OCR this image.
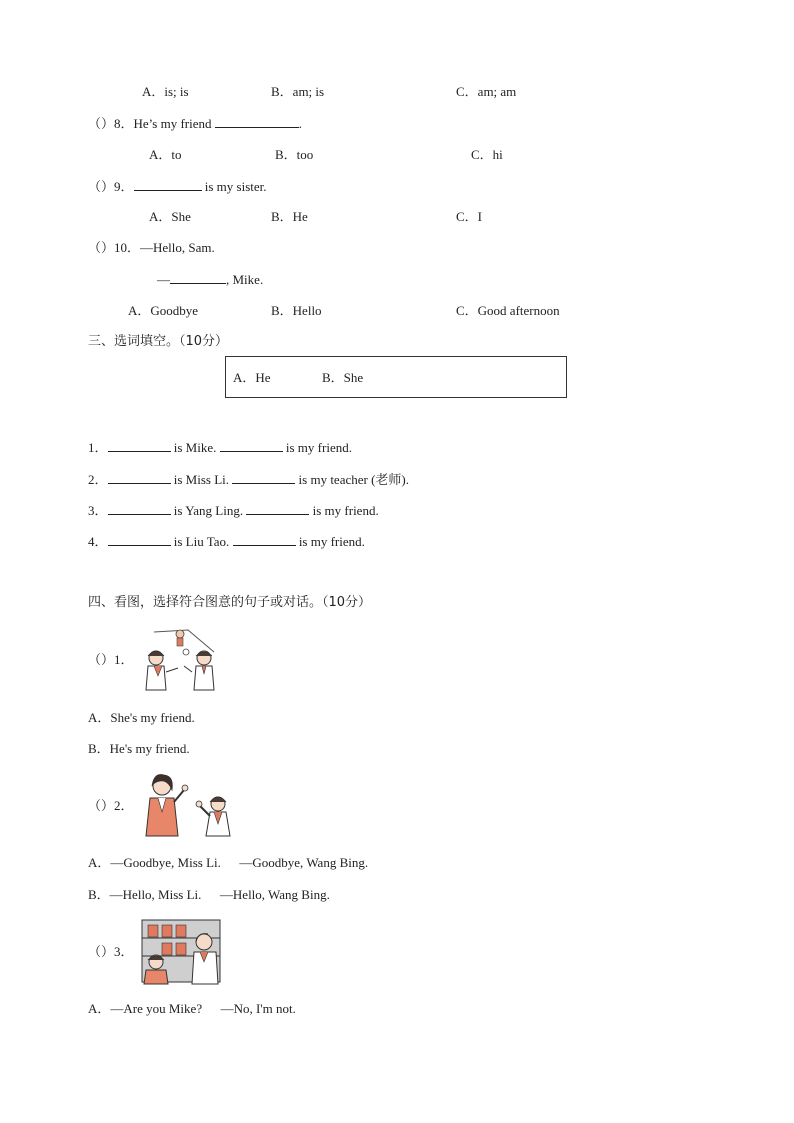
A．is; is	B．am; is	C．am; am
（）8．He’s my friend	.
A．to	B．too	C．hi
（）9．	is my sister.
A．She	B．He	C．I
（）10．—Hello, Sam.
—	, Mike.
A．Goodbye	B．Hello	C．Good afternoon
三、选词填空。（10分）
A．He	B．She
1．	is Mike.	is my friend.
2．	is Miss Li.	is my teacher (老师).
3．	is Yang Ling.	is my friend.
4．	is Liu Tao.	is my friend.
四、看图，选择符合图意的句子或对话。（10分）
（）1．
A．She's my friend.
B．He's my friend.
（）2．
A．—Goodbye, Miss Li. —Goodbye, Wang Bing.
B．—Hello, Miss Li. —Hello, Wang Bing.
（）3．
A．—Are you Mike? —No, I'm not.
